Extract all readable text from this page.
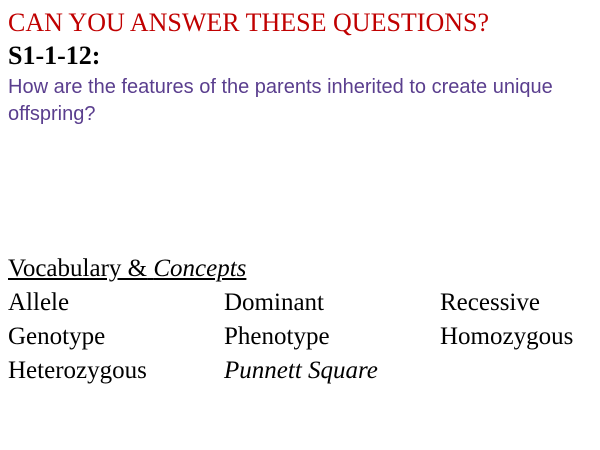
CAN YOU ANSWER THESE QUESTIONS?
S1-1-12:

How are the features of the parents inherited to create unique offspring?

Vocabulary & Concepts
Allele	Dominant	Recessive
Genotype	Phenotype	Homozygous
Heterozygous	Punnett Square
